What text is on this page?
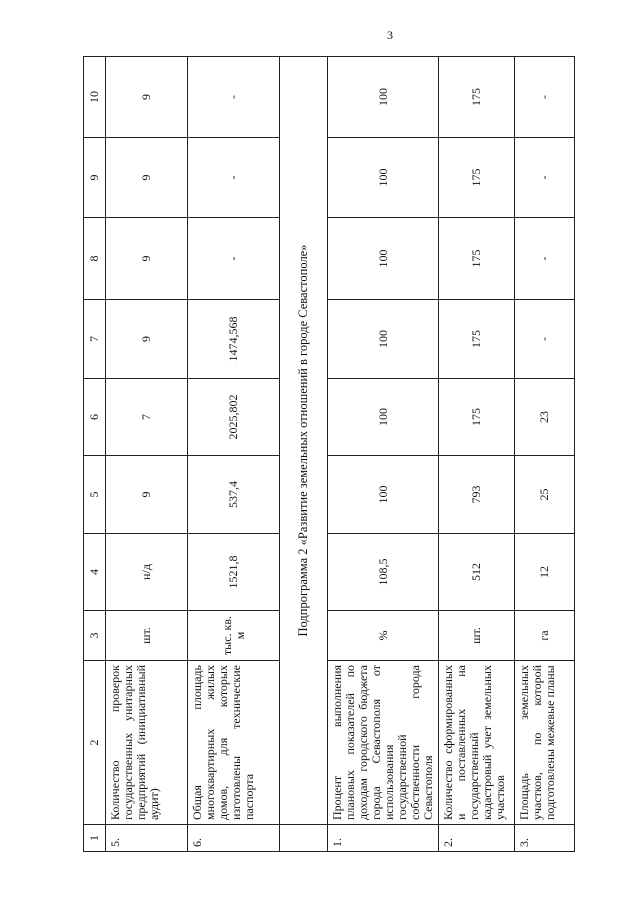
3
1	2	3	4	5	6	7	8	9	10
5.	Количество проверок государственных унитарных предприятий (инициативный аудит)	шт.	н/д	9	7	9	9	9	9
6.	Общая площадь многоквартирных жилых домов, для которых изготовлены технические паспорта	тыс. кв. м	1521,8	537,4	2025,802	1474,568	-	-	-
	Подпрограмма 2 «Развитие земельных отношений в городе Севастополе»								
1.	Процент выполнения плановых показателей по доходам городского бюджета города Севастополя от использования государственной собственности города Севастополя	%	108,5	100	100	100	100	100	100
2.	Количество сформированных и поставленных на государственный кадастровый учет земельных участков	шт.	512	793	175	175	175	175	175
3.	Площадь земельных участков, по которой подготовлены межевые планы	га	12	25	23	-	-	-	-
